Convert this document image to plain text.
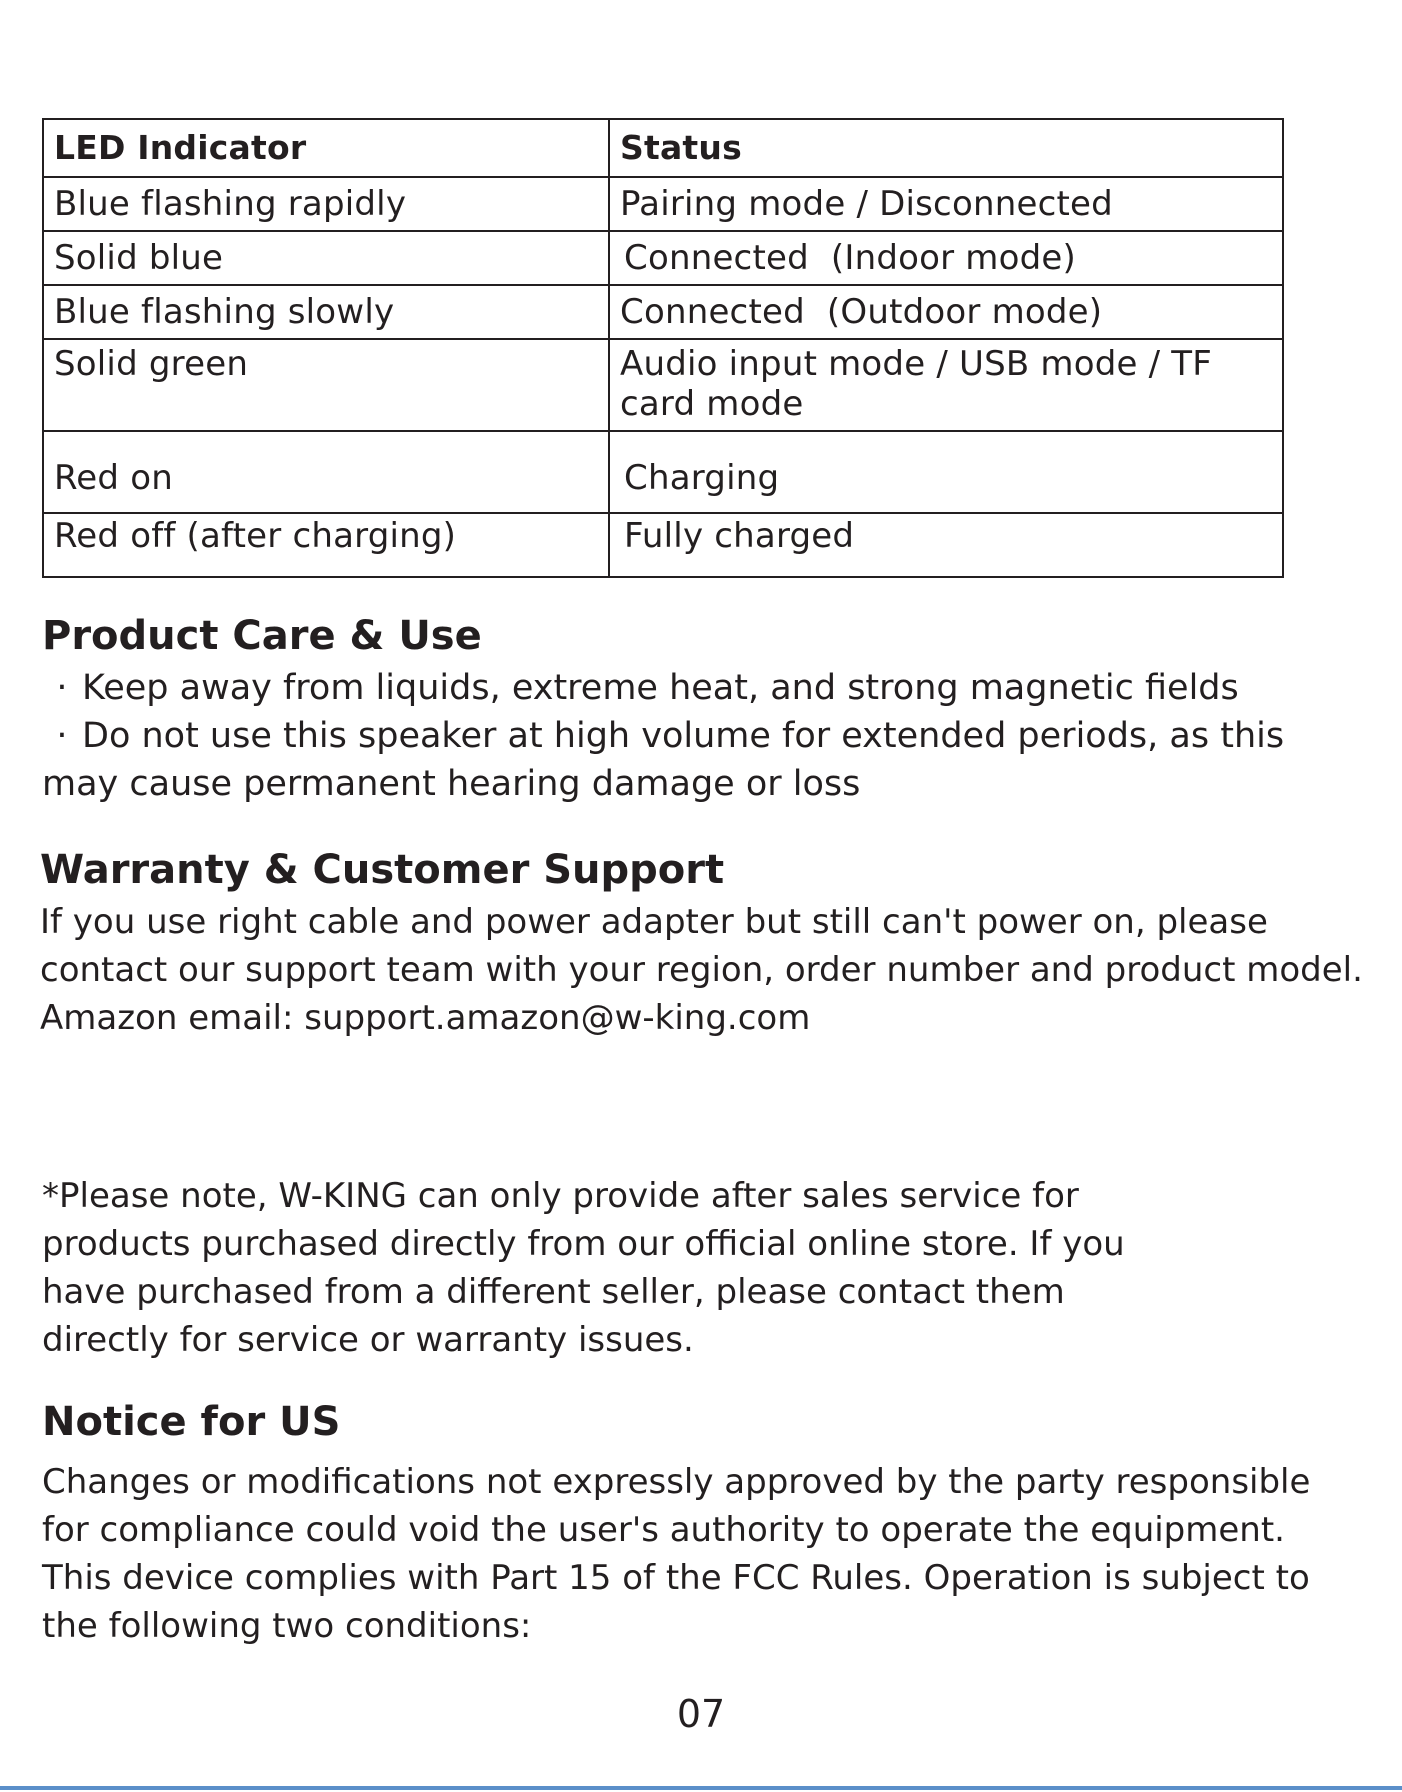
LED Indicator	Status
Blue flashing rapidly	Pairing mode / Disconnected
Solid blue	Connected  (Indoor mode)
Blue flashing slowly	Connected  (Outdoor mode)
Solid green	Audio input mode / USB mode / TF card mode
Red on	Charging
Red off (after charging)	Fully charged
Product Care & Use

· Keep away from liquids, extreme heat, and strong magnetic fields

· Do not use this speaker at high volume for extended periods, as this

may cause permanent hearing damage or loss

Warranty & Customer Support

If you use right cable and power adapter but still can't power on, please contact our support team with your region, order number and product model.

Amazon email: support.amazon@w-king.com

*Please note, W-KING can only provide after sales service for products purchased directly from our official online store. If you have purchased from a different seller, please contact them directly for service or warranty issues.

Notice for US

Changes or modifications not expressly approved by the party responsible for compliance could void the user's authority to operate the equipment. This device complies with Part 15 of the FCC Rules. Operation is subject to the following two conditions:

07
